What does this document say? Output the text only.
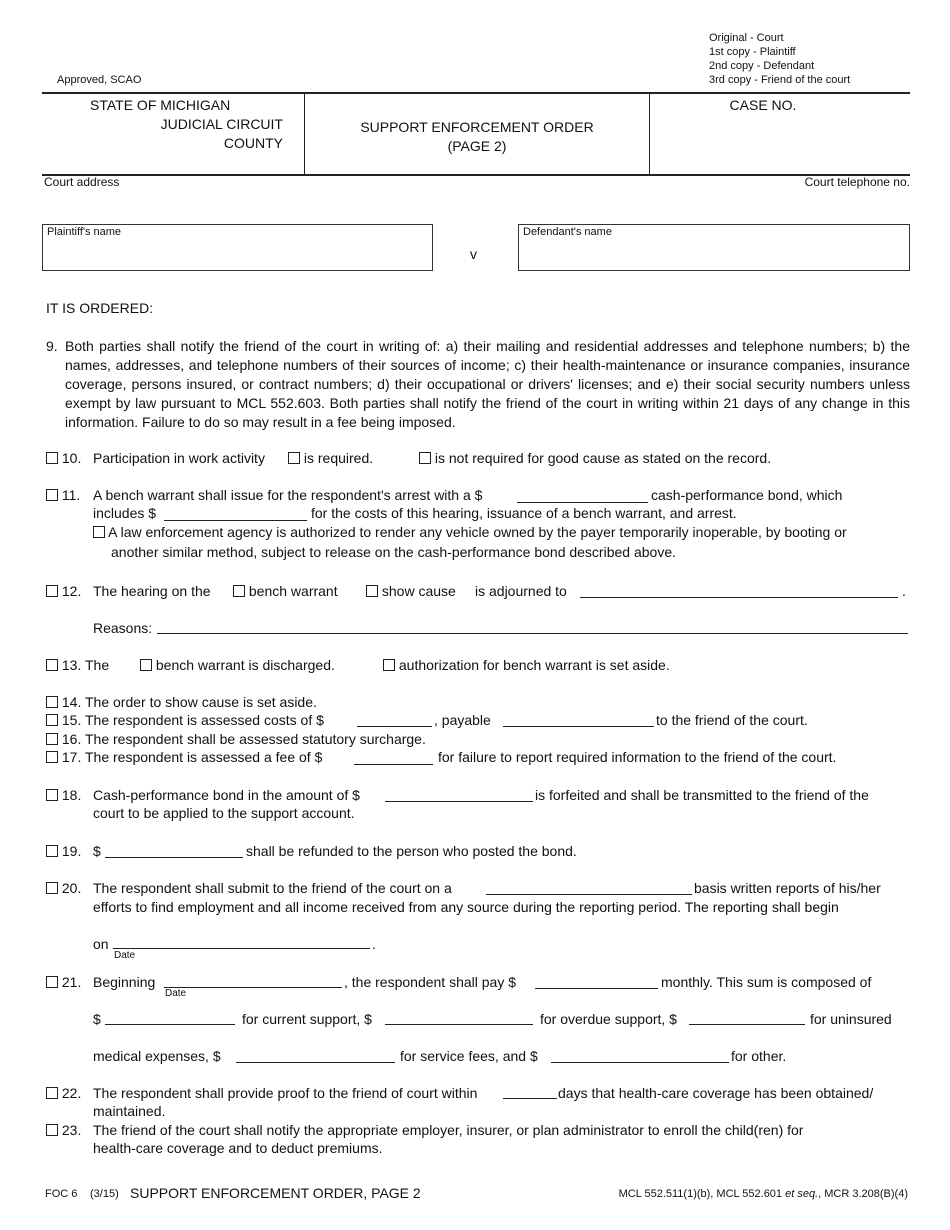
Original - Court
1st copy - Plaintiff
2nd copy - Defendant
3rd copy - Friend of the court
Approved, SCAO
STATE OF MICHIGAN
JUDICIAL CIRCUIT
COUNTY
SUPPORT ENFORCEMENT ORDER
(PAGE 2)
CASE NO.
Court address	Court telephone no.
Plaintiff's name
v
Defendant's name
IT IS ORDERED:
9. Both parties shall notify the friend of the court in writing of: a) their mailing and residential addresses and telephone numbers; b) the names, addresses, and telephone numbers of their sources of income; c) their health-maintenance or insurance companies, insurance coverage, persons insured, or contract numbers; d) their occupational or drivers' licenses; and e) their social security numbers unless exempt by law pursuant to MCL 552.603. Both parties shall notify the friend of the court in writing within 21 days of any change in this information. Failure to do so may result in a fee being imposed.
10. Participation in work activity	is required.	is not required for good cause as stated on the record.
11. A bench warrant shall issue for the respondent's arrest with a $	cash-performance bond, which
includes $	for the costs of this hearing, issuance of a bench warrant, and arrest.
A law enforcement agency is authorized to render any vehicle owned by the payer temporarily inoperable, by booting or
another similar method, subject to release on the cash-performance bond described above.
12. The hearing on the	bench warrant	show cause is adjourned to	.
Reasons:
13. The	bench warrant is discharged.	authorization for bench warrant is set aside.
14. The order to show cause is set aside.
15. The respondent is assessed costs of $	, payable	to the friend of the court.
16. The respondent shall be assessed statutory surcharge.
17. The respondent is assessed a fee of $	for failure to report required information to the friend of the court.
18. Cash-performance bond in the amount of $	is forfeited and shall be transmitted to the friend of the
court to be applied to the support account.
19. $	shall be refunded to the person who posted the bond.
20. The respondent shall submit to the friend of the court on a	basis written reports of his/her
efforts to find employment and all income received from any source during the reporting period. The reporting shall begin
on	.
Date
21. Beginning
Date
, the respondent shall pay $	monthly. This sum is composed of
$	for current support, $	for overdue support, $	for uninsured
medical expenses, $	for service fees, and $	for other.
22. The respondent shall provide proof to the friend of court within	days that health-care coverage has been obtained/
maintained.
23. The friend of the court shall notify the appropriate employer, insurer, or plan administrator to enroll the child(ren) for
health-care coverage and to deduct premiums.
FOC 6 (3/15) SUPPORT ENFORCEMENT ORDER, PAGE 2	MCL 552.511(1)(b), MCL 552.601 et seq., MCR 3.208(B)(4)
